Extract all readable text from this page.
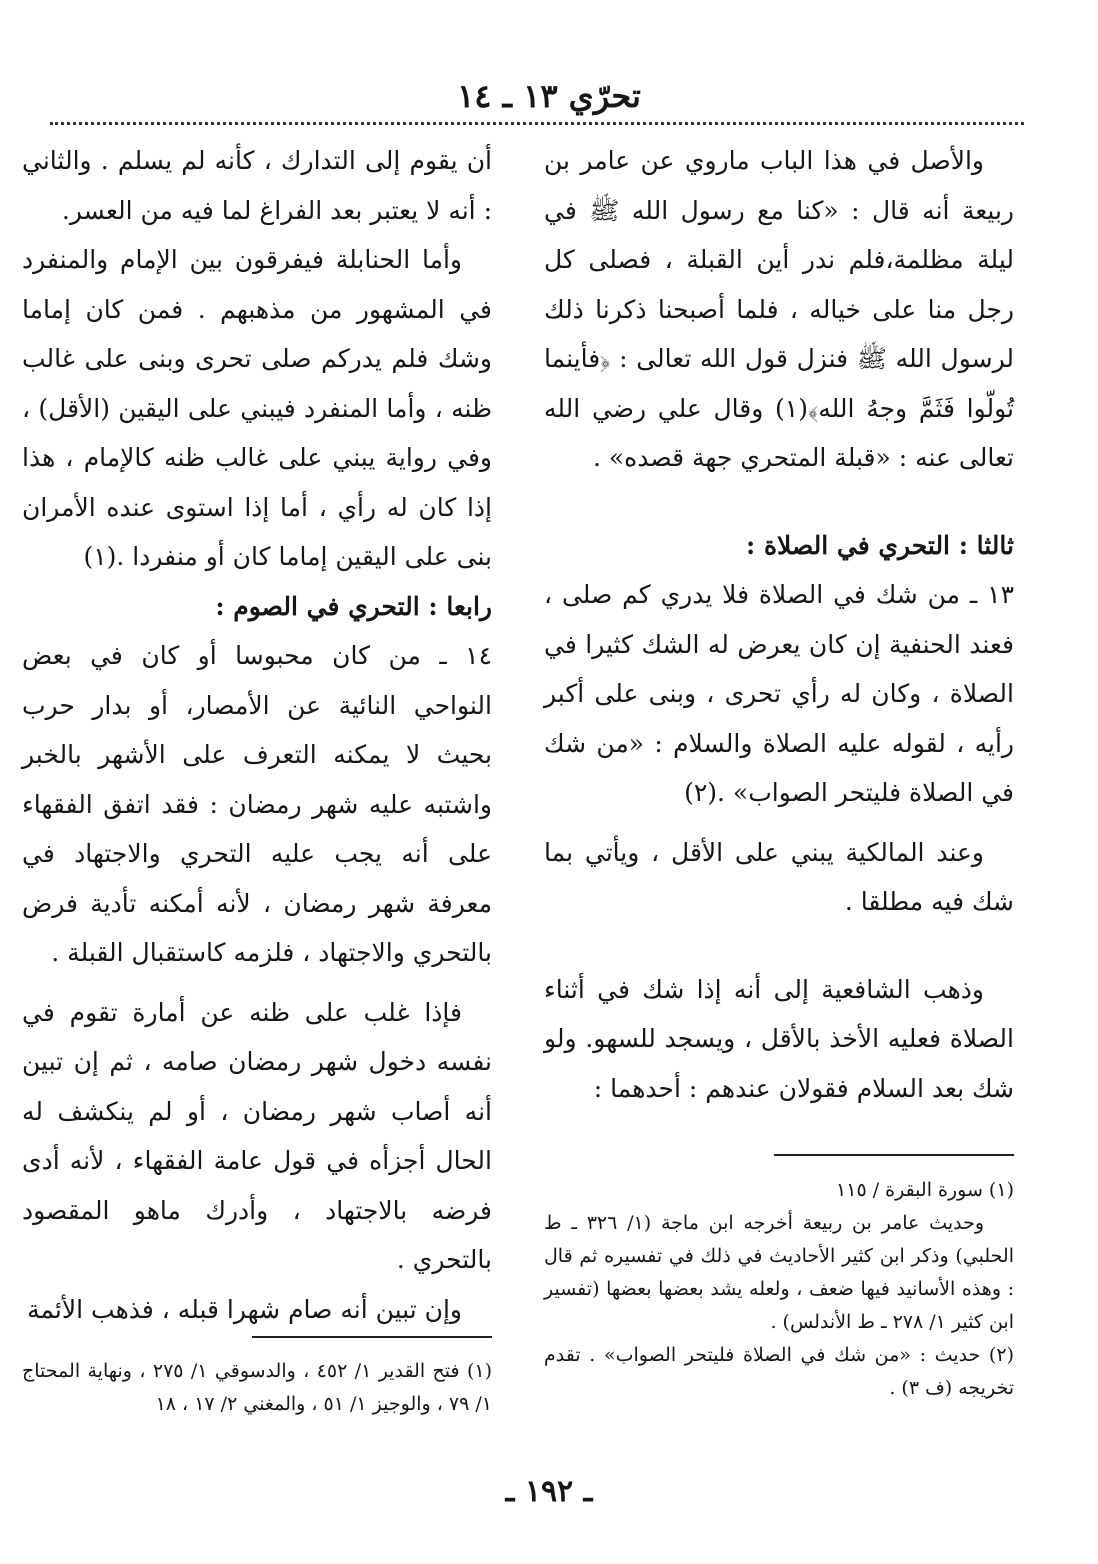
تحرّي ١٣ ـ ١٤

والأصل في هذا الباب ماروي عن عامر بن ربيعة أنه قال : «كنا مع رسول الله ﷺ في ليلة مظلمة،فلم ندر أين القبلة ، فصلى كل رجل منا على خياله ، فلما أصبحنا ذكرنا ذلك لرسول الله ﷺ فنزل قول الله تعالى : ﴿فأينما تُولّوا فَثَمَّ وجهُ الله﴾(١) وقال علي رضي الله تعالى عنه : «قبلة المتحري جهة قصده» .

ثالثا : التحري في الصلاة :

١٣ ـ من شك في الصلاة فلا يدري كم صلى ، فعند الحنفية إن كان يعرض له الشك كثيرا في الصلاة ، وكان له رأي تحرى ، وبنى على أكبر رأيه ، لقوله عليه الصلاة والسلام : «من شك في الصلاة فليتحر الصواب» .(٢)

وعند المالكية يبني على الأقل ، ويأتي بما شك فيه مطلقا .

وذهب الشافعية إلى أنه إذا شك في أثناء الصلاة فعليه الأخذ بالأقل ، ويسجد للسهو. ولو شك بعد السلام فقولان عندهم : أحدهما :

أن يقوم إلى التدارك ، كأنه لم يسلم . والثاني : أنه لا يعتبر بعد الفراغ لما فيه من العسر.

وأما الحنابلة فيفرقون بين الإمام والمنفرد في المشهور من مذهبهم . فمن كان إماما وشك فلم يدركم صلى تحرى وبنى على غالب ظنه ، وأما المنفرد فيبني على اليقين (الأقل) ، وفي رواية يبني على غالب ظنه كالإمام ، هذا إذا كان له رأي ، أما إذا استوى عنده الأمران بنى على اليقين إماما كان أو منفردا .(١)

رابعا : التحري في الصوم :

١٤ ـ من كان محبوسا أو كان في بعض النواحي النائية عن الأمصار، أو بدار حرب بحيث لا يمكنه التعرف على الأشهر بالخبر واشتبه عليه شهر رمضان : فقد اتفق الفقهاء على أنه يجب عليه التحري والاجتهاد في معرفة شهر رمضان ، لأنه أمكنه تأدية فرض بالتحري والاجتهاد ، فلزمه كاستقبال القبلة .

فإذا غلب على ظنه عن أمارة تقوم في نفسه دخول شهر رمضان صامه ، ثم إن تبين أنه أصاب شهر رمضان ، أو لم ينكشف له الحال أجزأه في قول عامة الفقهاء ، لأنه أدى فرضه بالاجتهاد ، وأدرك ماهو المقصود بالتحري .

وإن تبين أنه صام شهرا قبله ، فذهب الأئمة

(١) سورة البقرة / ١١٥

وحديث عامر بن ربيعة أخرجه ابن ماجة (١/ ٣٢٦ ـ ط الحلبي) وذكر ابن كثير الأحاديث في ذلك في تفسيره ثم قال : وهذه الأسانيد فيها ضعف ، ولعله يشد بعضها بعضها (تفسير ابن كثير ١/ ٢٧٨ ـ ط الأندلس) .

(٢) حديث : «من شك في الصلاة فليتحر الصواب» . تقدم تخريجه (ف ٣) .

(١) فتح القدير ١/ ٤٥٢ ، والدسوقي ١/ ٢٧٥ ، ونهاية المحتاج ١/ ٧٩ ، والوجيز ١/ ٥١ ، والمغني ٢/ ١٧ ، ١٨

ـ ١٩٢ ـ
